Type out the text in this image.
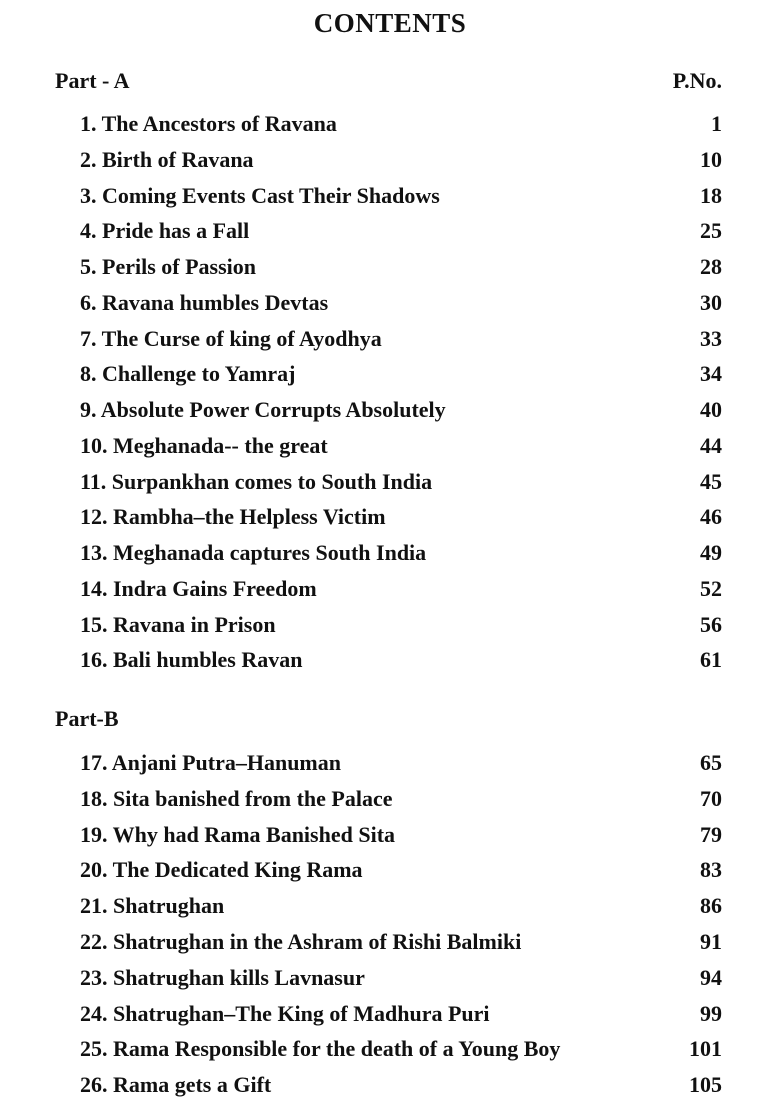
CONTENTS
Part - A	P.No.
1. The Ancestors of Ravana	1
2. Birth of Ravana	10
3. Coming Events Cast Their Shadows	18
4. Pride has a Fall	25
5. Perils of Passion	28
6. Ravana humbles Devtas	30
7. The Curse of king of Ayodhya	33
8. Challenge to Yamraj	34
9. Absolute Power Corrupts Absolutely	40
10. Meghanada-- the great	44
11. Surpankhan comes to South India	45
12. Rambha–the Helpless Victim	46
13. Meghanada captures South India	49
14. Indra Gains Freedom	52
15. Ravana in Prison	56
16. Bali humbles Ravan	61
Part-B
17. Anjani Putra–Hanuman	65
18. Sita banished from the Palace	70
19. Why had Rama Banished Sita	79
20. The Dedicated King Rama	83
21. Shatrughan	86
22. Shatrughan in the Ashram of Rishi Balmiki	91
23. Shatrughan kills Lavnasur	94
24. Shatrughan–The King of Madhura Puri	99
25. Rama Responsible for the death of a Young Boy	101
26. Rama gets a Gift	105
